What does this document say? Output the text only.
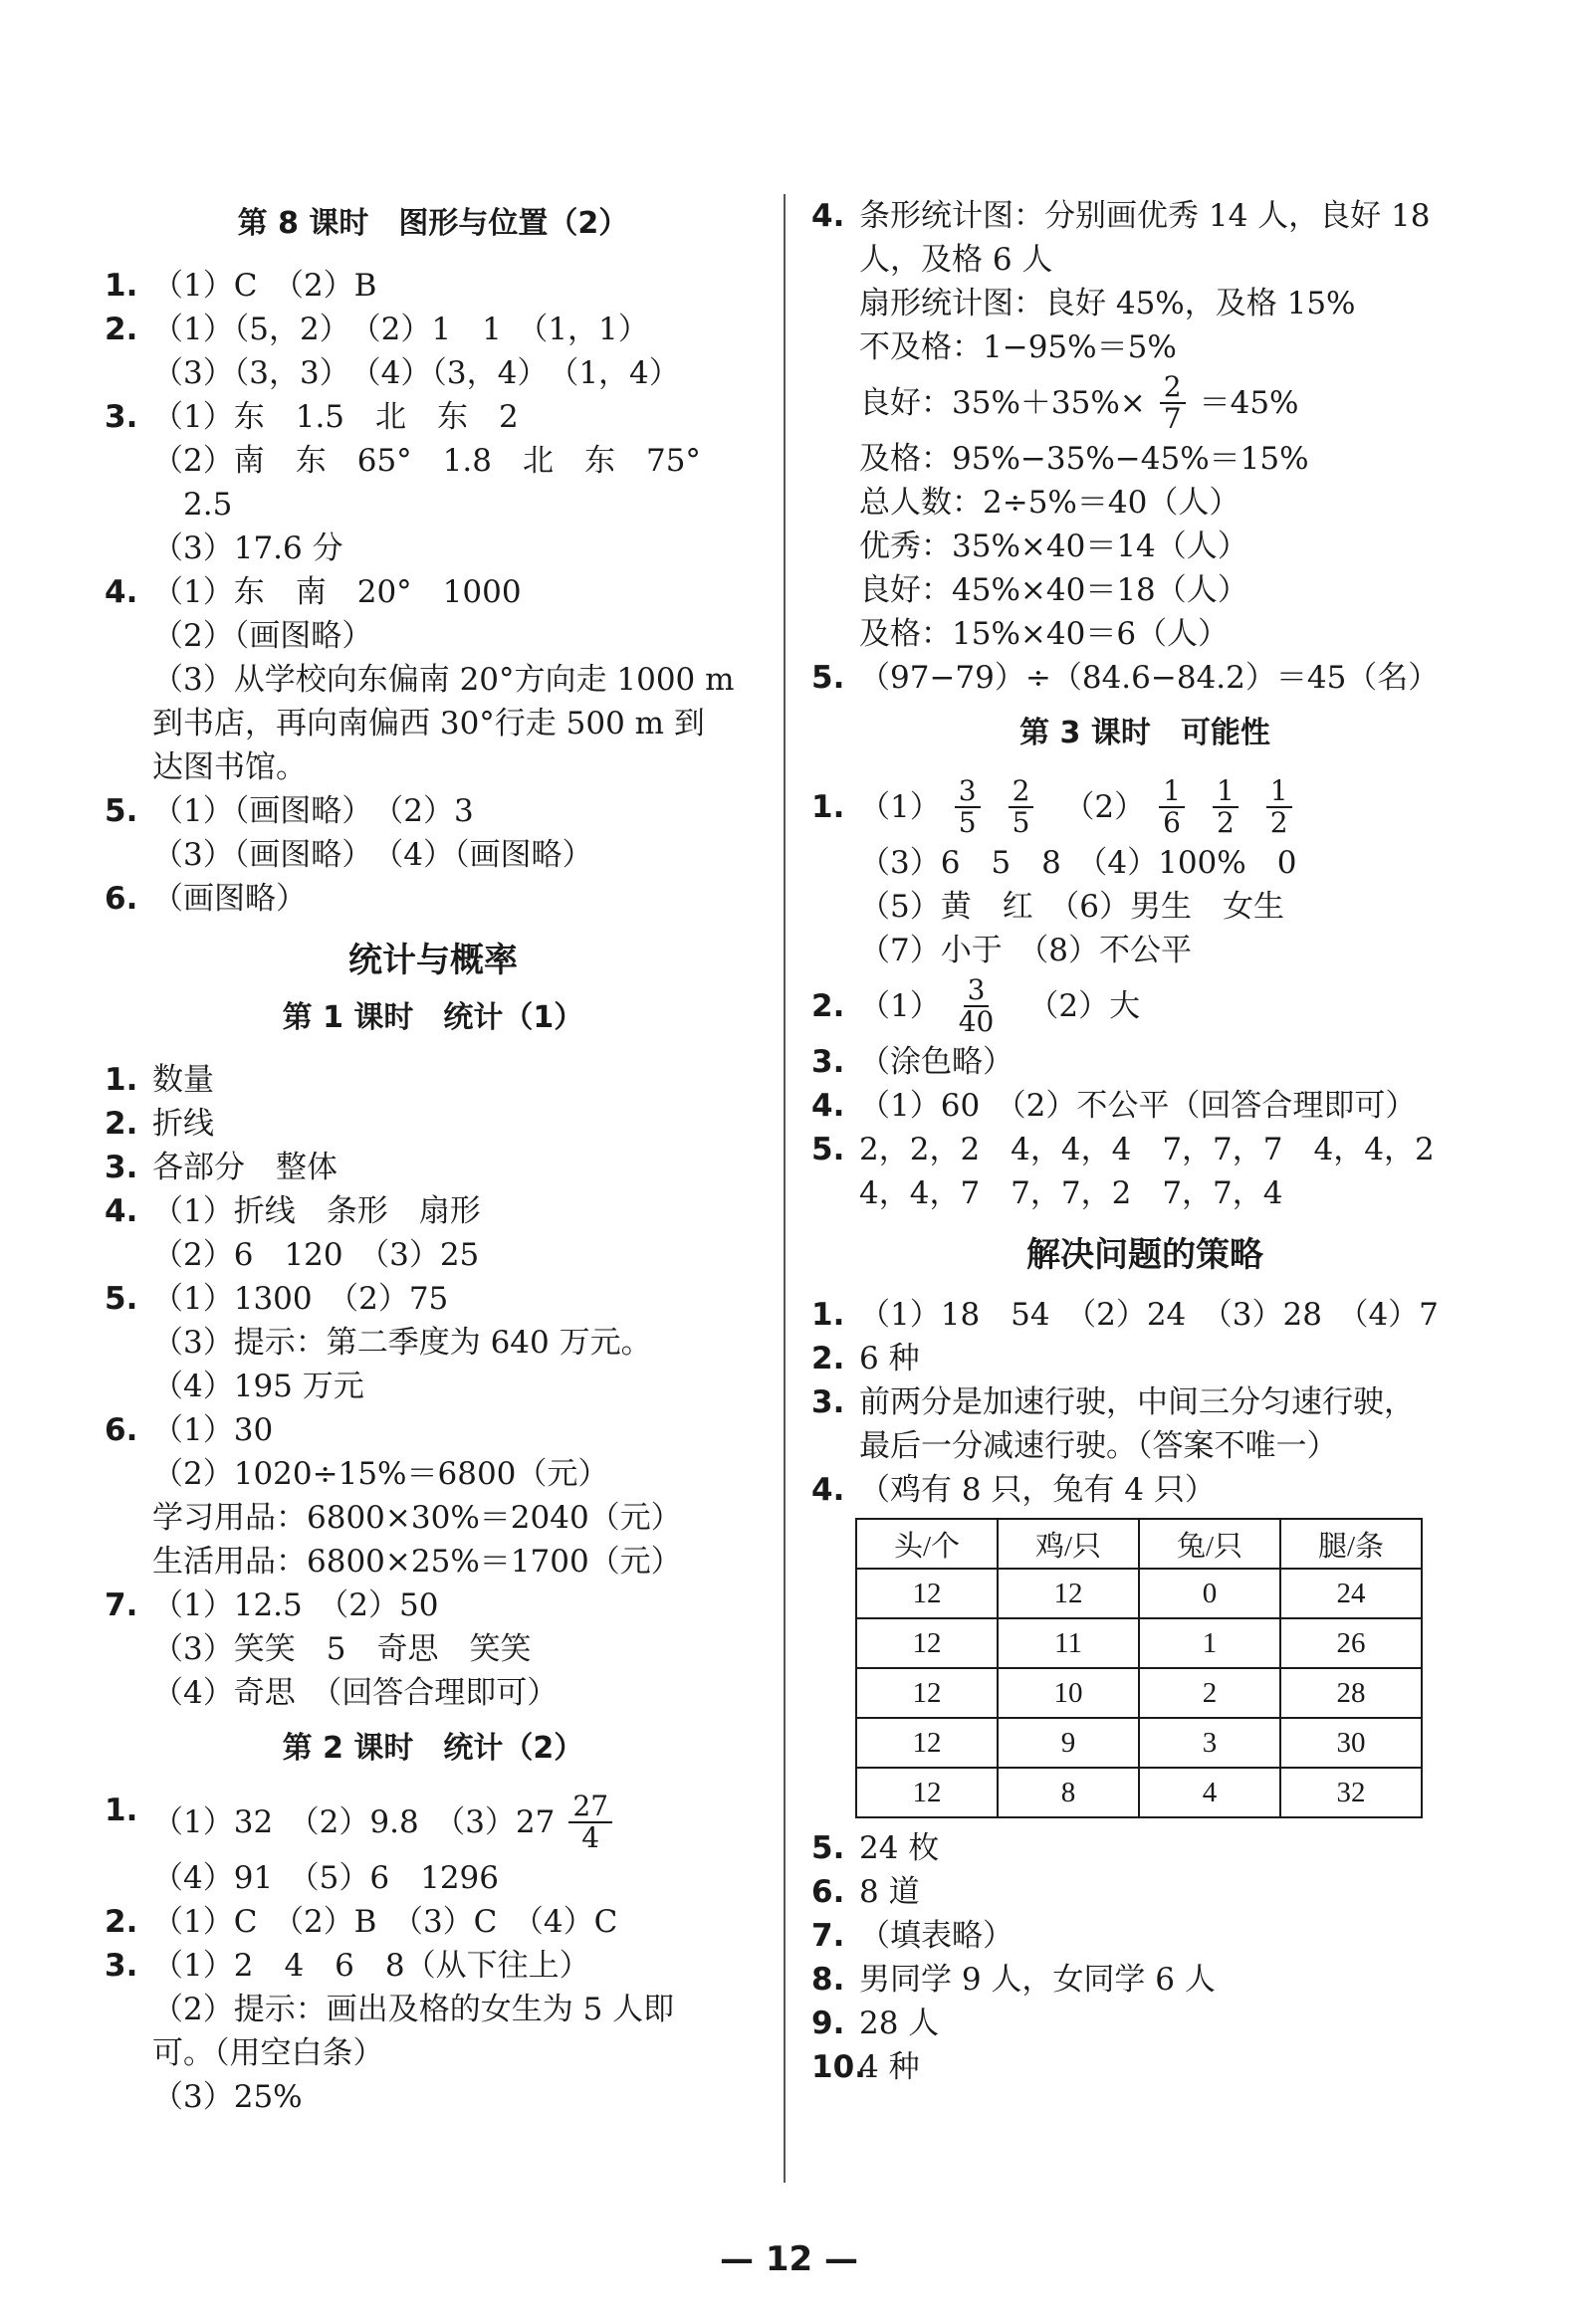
第 8 课时　图形与位置（2）
1. （1）C　（2）B
2. （1）（5，2）　（2）1　1　（1，1）
（3）（3，3）　（4）（3，4）　（1，4）
3. （1）东　1.5　北　东　2
（2）南　东　65°　1.8　北　东　75°
　2.5
（3）17.6 分
4. （1）东　南　20°　1000
（2）（画图略）
（3）从学校向东偏南 20°方向走 1000 m
到书店，再向南偏西 30°行走 500 m 到
达图书馆。
5. （1）（画图略）　（2）3
（3）（画图略）　（4）（画图略）
6. （画图略）
统计与概率
第 1 课时　统计（1）
1. 数量
2. 折线
3. 各部分　整体
4. （1）折线　条形　扇形
（2）6　120　（3）25
5. （1）1300　（2）75
（3）提示：第二季度为 640 万元。
（4）195 万元
6. （1）30
（2）1020÷15%＝6800（元）
学习用品：6800×30%＝2040（元）
生活用品：6800×25%＝1700（元）
7. （1）12.5　（2）50
（3）笑笑　5　奇思　笑笑
（4）奇思　（回答合理即可）
第 2 课时　统计（2）
1. （1）32　（2）9.8　$(3)27 \frac{27}{4}$
（4）91　（5）6　1296
2. （1）C　（2）B　（3）C　（4）C
3. （1）2　4　6　8（从下往上）
（2）提示：画出及格的女生为 5 人即
可。（用空白条）
（3）25%
4. 条形统计图：分别画优秀 14 人，良好 18
人，及格 6 人
扇形统计图：良好 45%，及格 15%
不及格：1−95%＝5%
良好：$35\%+35\%\times \frac{2}{7} =45\%$
及格：95%−35%−45%＝15%
总人数：2÷5%＝40（人）
优秀：35%×40＝14（人）
良好：45%×40＝18（人）
及格：15%×40＝6（人）
5. （97−79）÷（84.6−84.2）＝45（名）
第 3 课时　可能性
1. $(1) \frac{3}{5} \frac{2}{5} (2) \frac{1}{6} \frac{1}{2} \frac{1}{2}$
（3）6　5　8　（4）100%　0
（5）黄　红　（6）男生　女生
（7）小于　（8）不公平
2. $(1) \frac{3}{40} (2)$大
3. （涂色略）
4. （1）60　（2）不公平（回答合理即可）
5. 2，2，2　4，4，4　7，7，7　4，4，2
4，4，7　7，7，2　7，7，4
解决问题的策略
1. （1）18　54　（2）24　（3）28　（4）7
2. 6 种
3. 前两分是加速行驶，中间三分匀速行驶，
最后一分减速行驶。（答案不唯一）
4. （鸡有 8 只，兔有 4 只）
头/个	鸡/只	兔/只	腿/条
12	12	0	24
12	11	1	26
12	10	2	28
12	9	3	30
12	8	4	32
5. 24 枚
6. 8 道
7. （填表略）
8. 男同学 9 人，女同学 6 人
9. 28 人
10.
4 种
— 12 —
